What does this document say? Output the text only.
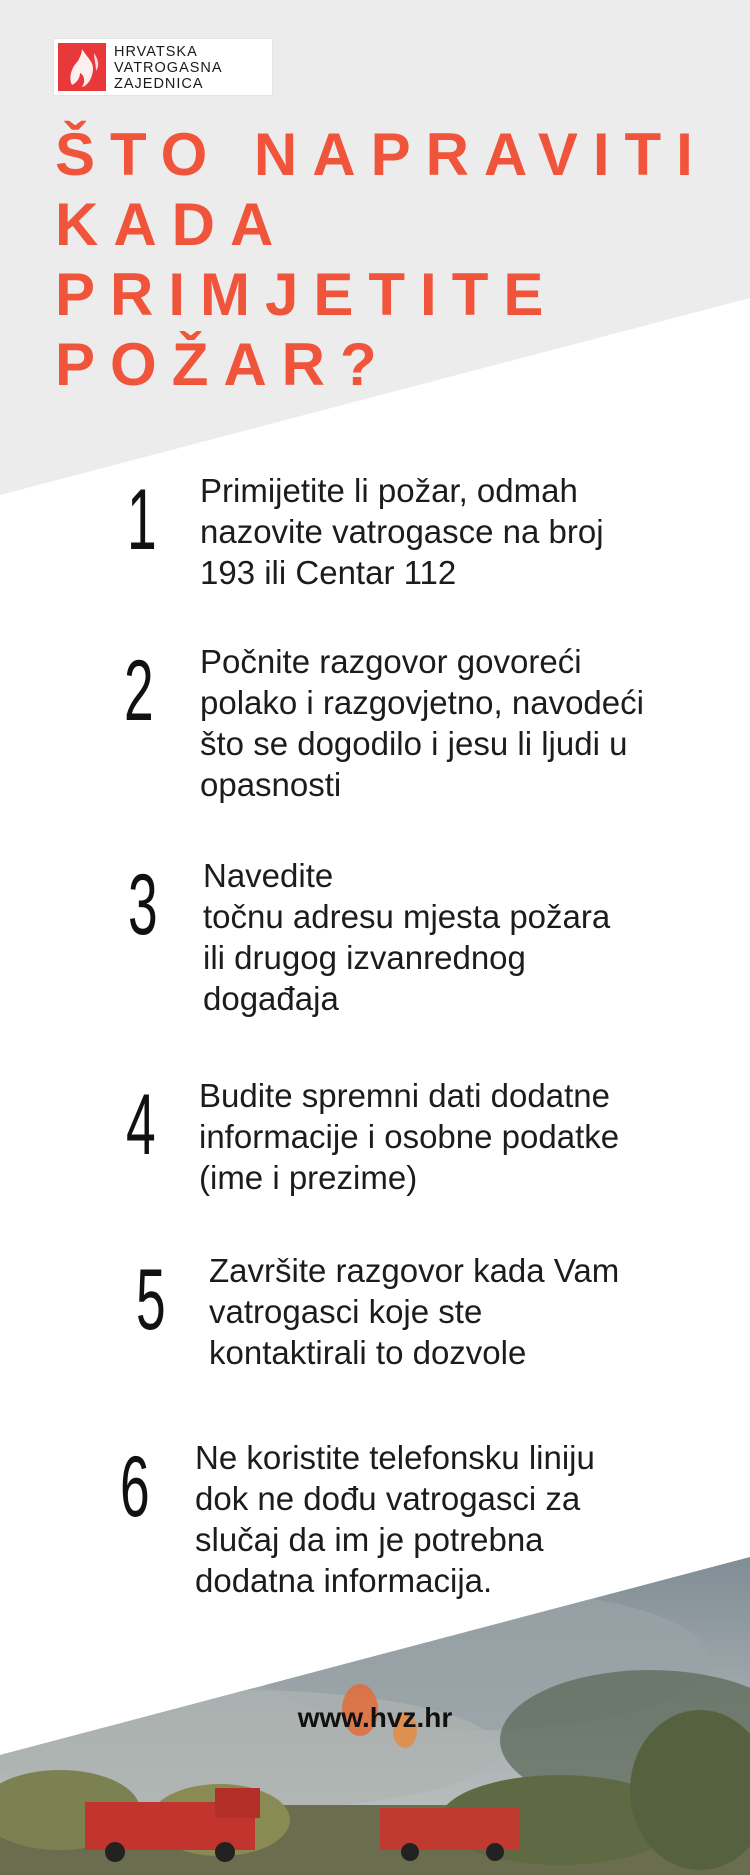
HRVATSKA
VATROGASNA
ZAJEDNICA
ŠTO NAPRAVITI
KADA
PRIMJETITE
POŽAR?
1 Primijetite li požar, odmah
nazovite vatrogasce na broj
193 ili Centar 112
2 Počnite razgovor govoreći
polako i razgovjetno, navodeći
što se dogodilo i jesu li ljudi u
opasnosti
3 Navedite
točnu adresu mjesta požara
ili drugog izvanrednog
događaja
4 Budite spremni dati dodatne
informacije i osobne podatke
(ime i prezime)
5 Završite razgovor kada Vam
vatrogasci koje ste
kontaktirali to dozvole
6 Ne koristite telefonsku liniju
dok ne dođu vatrogasci za
slučaj da im je potrebna
dodatna informacija.
www.hvz.hr
